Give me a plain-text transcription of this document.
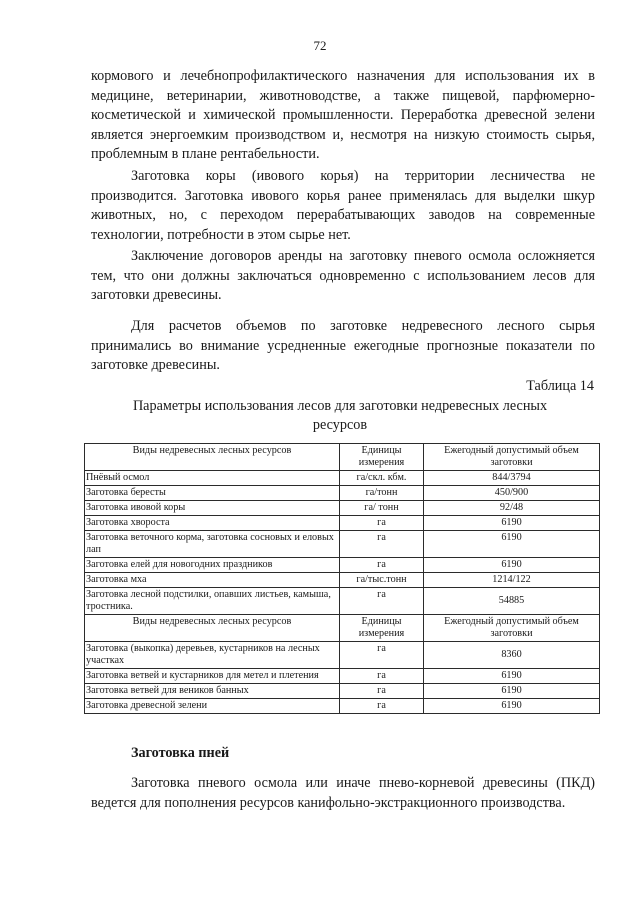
72

кормового и лечебнопрофилактического назначения для использования их в медицине, ветеринарии, животноводстве, а также пищевой, парфюмерно-косметической и химической промышленности. Переработка древесной зелени является энергоемким производством и, несмотря на низкую стоимость сырья, проблемным в плане рентабельности.

Заготовка коры (ивового корья) на территории лесничества не производится. Заготовка ивового корья ранее применялась для выделки шкур животных, но, с переходом перерабатывающих заводов на современные технологии, потребности в этом сырье нет.

Заключение договоров аренды на заготовку пневого осмола осложняется тем, что они должны заключаться одновременно с использованием лесов для заготовки древесины.

Для расчетов объемов по заготовке недревесного лесного сырья принимались во внимание усредненные ежегодные прогнозные показатели по заготовке древесины.

Таблица 14
Параметры использования лесов для заготовки недревесных лесных ресурсов
Виды недревесных лесных ресурсов	Единицы измерения	Ежегодный допустимый объем заготовки
Пнёвый осмол	га/скл. кбм.	844/3794
Заготовка бересты	га/тонн	450/900
Заготовка ивовой коры	га/ тонн	92/48
Заготовка хвороста	га	6190
Заготовка веточного корма, заготовка сосновых и еловых лап	га	6190
Заготовка елей для новогодних праздников	га	6190
Заготовка мха	га/тыс.тонн	1214/122
Заготовка лесной подстилки, опавших листьев, камыша, тростника.	га	54885
Виды недревесных лесных ресурсов	Единицы измерения	Ежегодный допустимый объем заготовки
Заготовка (выкопка) деревьев, кустарников на лесных участках	га	8360
Заготовка ветвей и кустарников для метел и плетения	га	6190
Заготовка ветвей для веников банных	га	6190
Заготовка древесной зелени	га	6190
Заготовка пней

Заготовка пневого осмола или иначе пнево-корневой древесины (ПКД) ведется для пополнения ресурсов канифольно-экстракционного производства.
